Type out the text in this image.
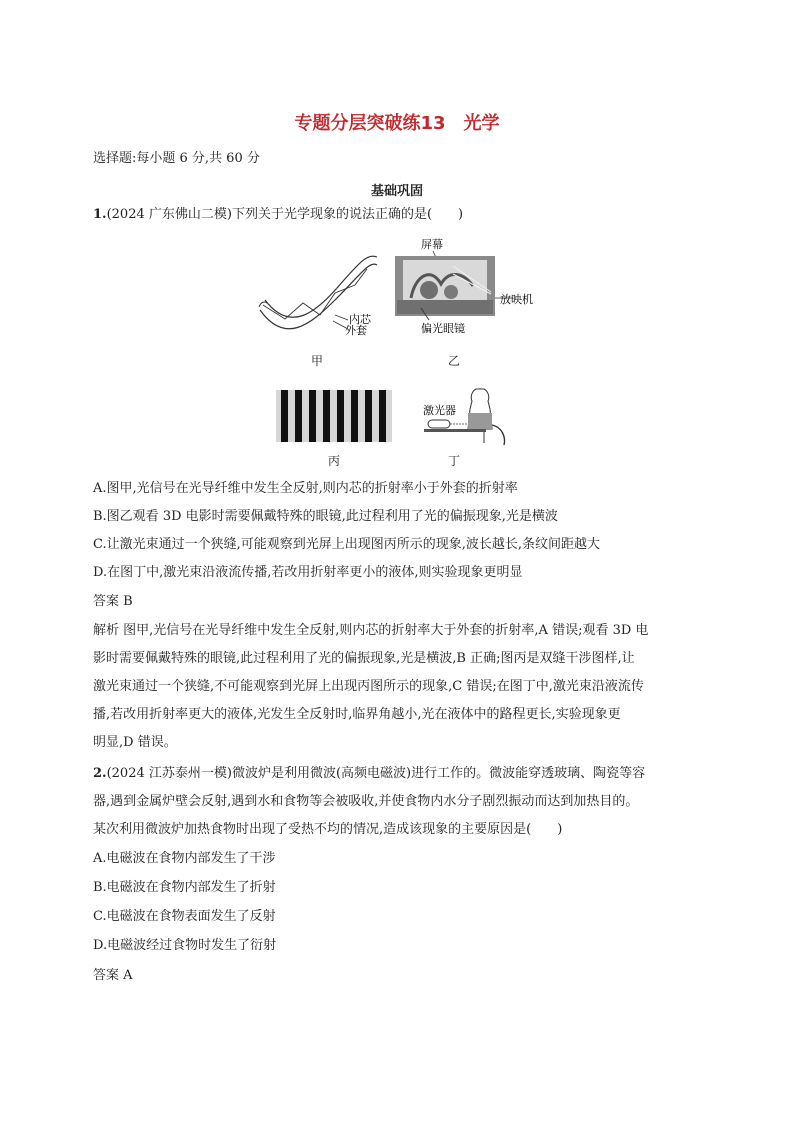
专题分层突破练13　光学
选择题:每小题 6 分,共 60 分
基础巩固
1.(2024 广东佛山二模)下列关于光学现象的说法正确的是(　　)
内芯
外套
甲
屏幕
放映机
偏光眼镜
乙
丙
激光器
丁
A.图甲,光信号在光导纤维中发生全反射,则内芯的折射率小于外套的折射率
B.图乙观看 3D 电影时需要佩戴特殊的眼镜,此过程利用了光的偏振现象,光是横波
C.让激光束通过一个狭缝,可能观察到光屏上出现图丙所示的现象,波长越长,条纹间距越大
D.在图丁中,激光束沿液流传播,若改用折射率更小的液体,则实验现象更明显
答案 B
解析 图甲,光信号在光导纤维中发生全反射,则内芯的折射率大于外套的折射率,A 错误;观看 3D 电
影时需要佩戴特殊的眼镜,此过程利用了光的偏振现象,光是横波,B 正确;图丙是双缝干涉图样,让
激光束通过一个狭缝,不可能观察到光屏上出现丙图所示的现象,C 错误;在图丁中,激光束沿液流传
播,若改用折射率更大的液体,光发生全反射时,临界角越小,光在液体中的路程更长,实验现象更
明显,D 错误。
2.(2024 江苏泰州一模)微波炉是利用微波(高频电磁波)进行工作的。微波能穿透玻璃、陶瓷等容
器,遇到金属炉壁会反射,遇到水和食物等会被吸收,并使食物内水分子剧烈振动而达到加热目的。
某次利用微波炉加热食物时出现了受热不均的情况,造成该现象的主要原因是(　　)
A.电磁波在食物内部发生了干涉
B.电磁波在食物内部发生了折射
C.电磁波在食物表面发生了反射
D.电磁波经过食物时发生了衍射
答案 A
